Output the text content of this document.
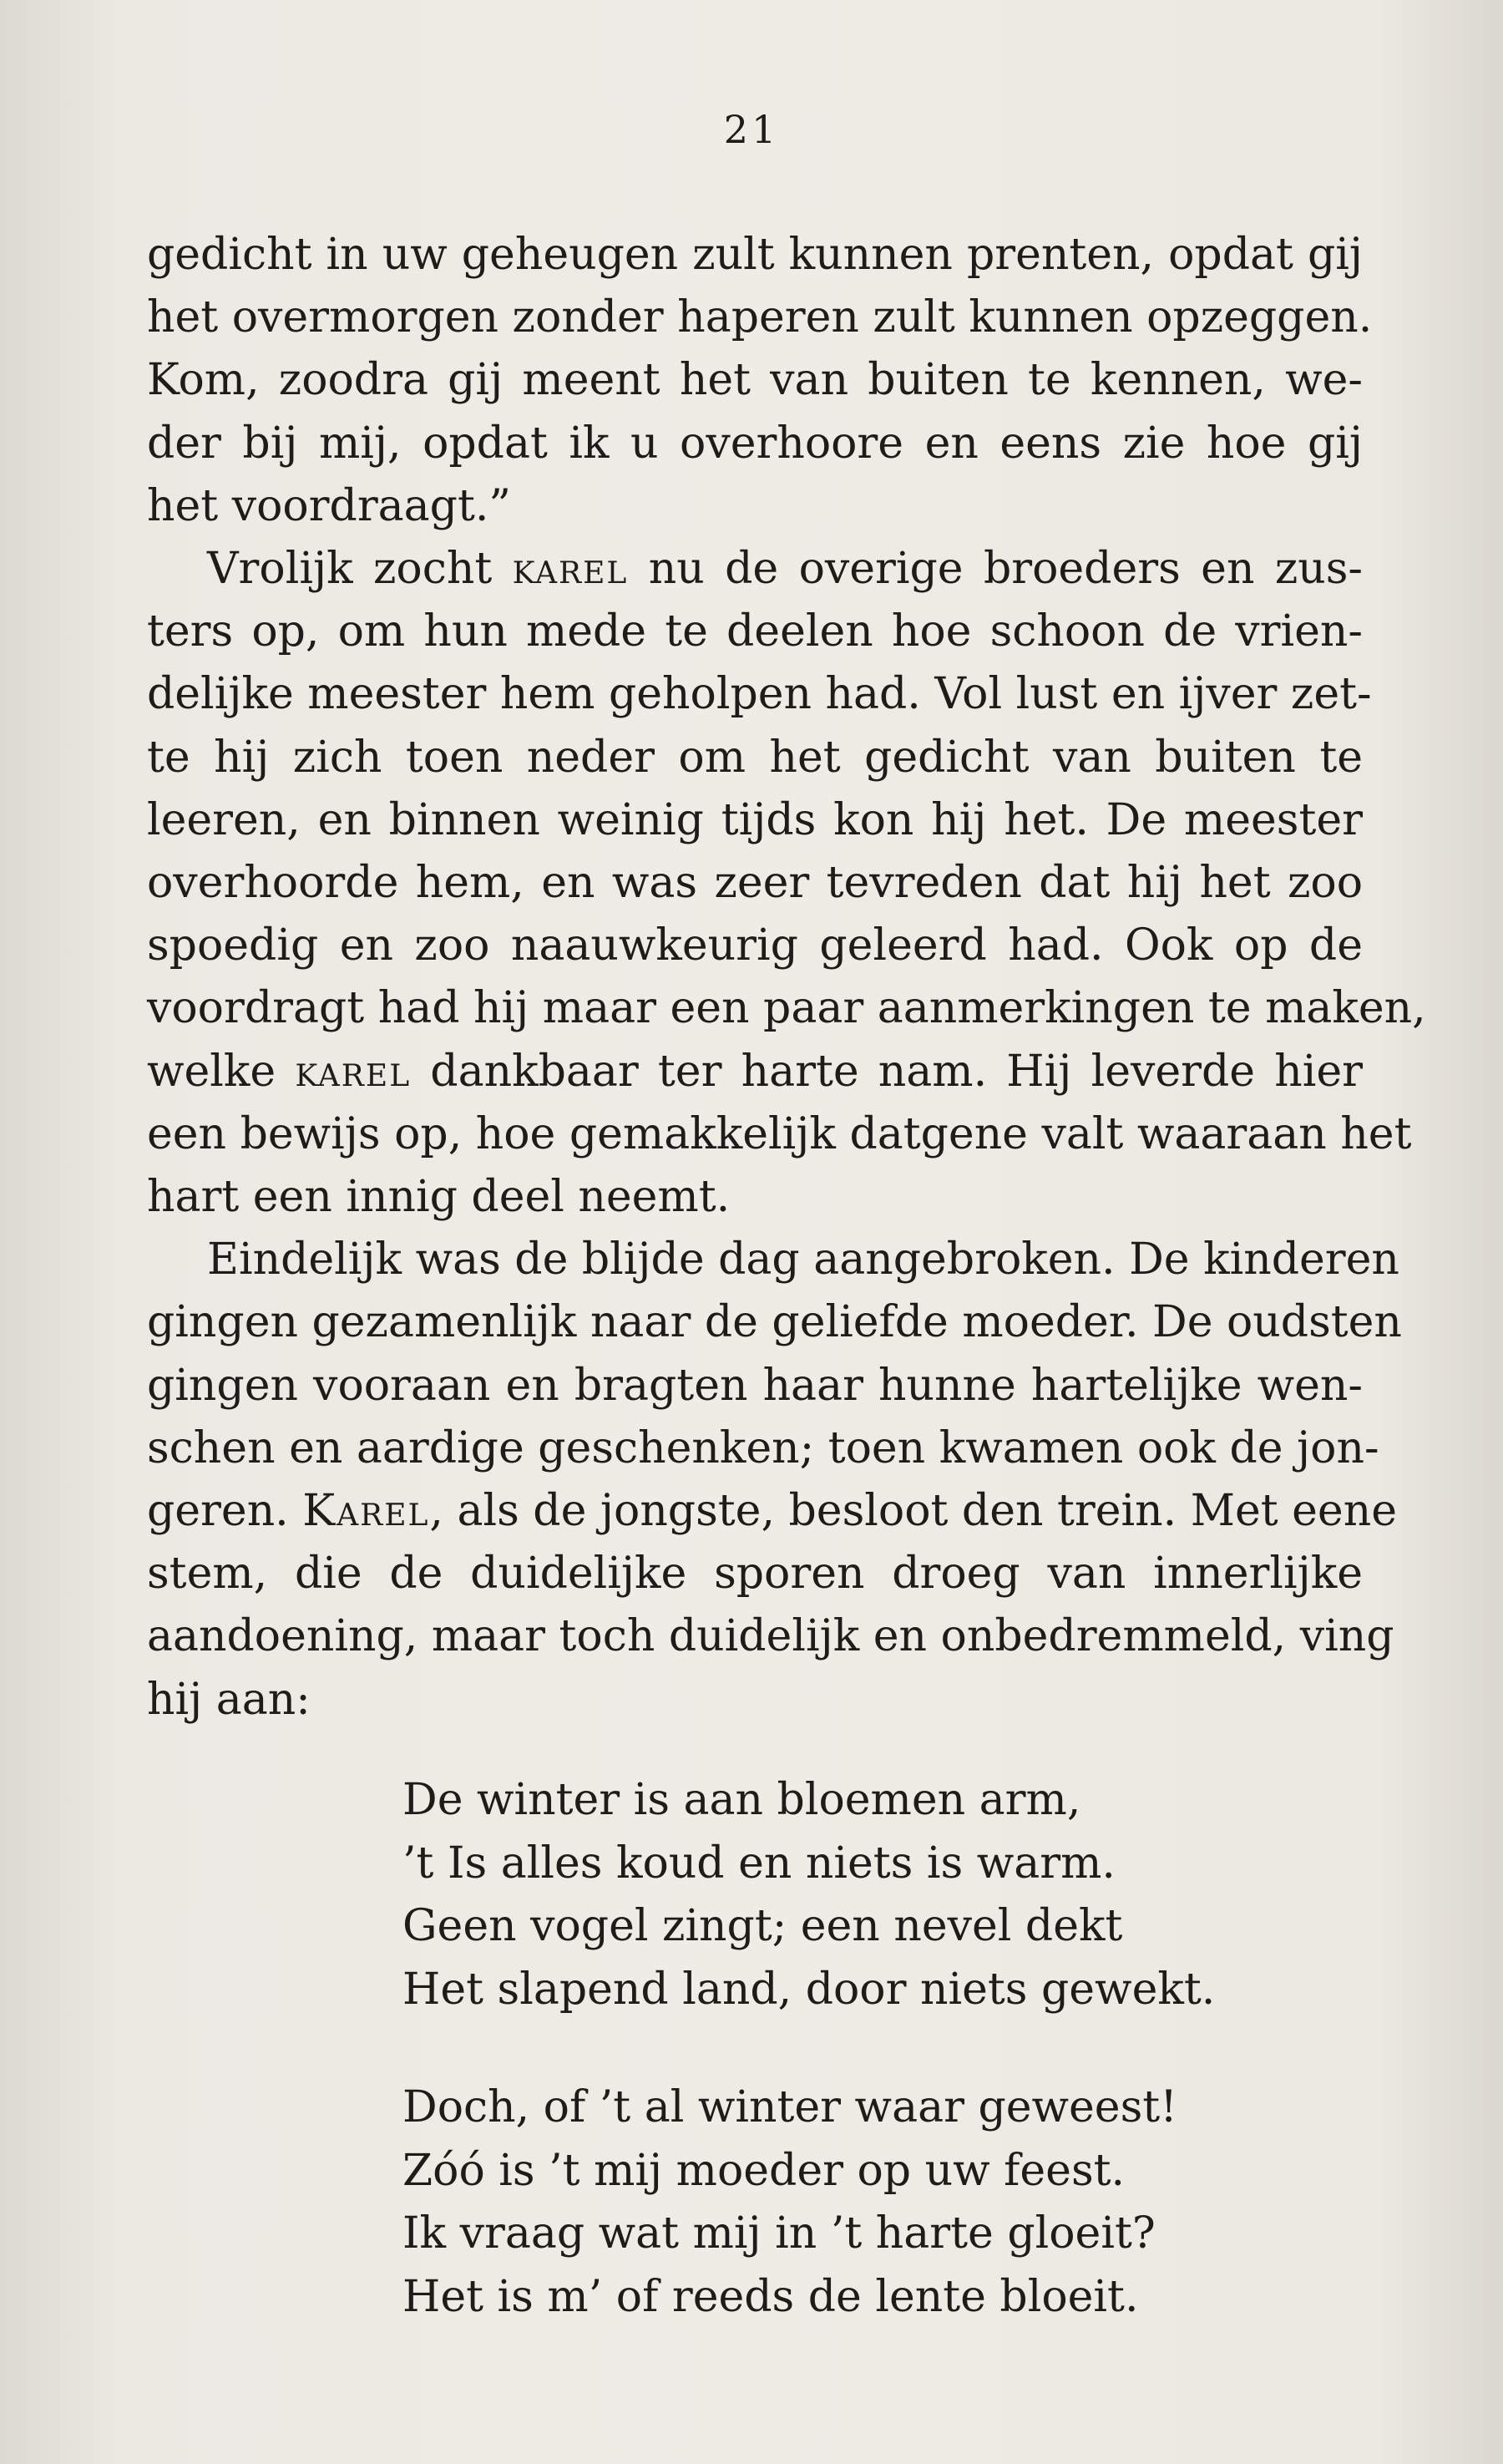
21
gedicht in uw geheugen zult kunnen prenten, opdat gij
het overmorgen zonder haperen zult kunnen opzeggen.
Kom, zoodra gij meent het van buiten te kennen, we-
der bij mij, opdat ik u overhoore en eens zie hoe gij
het voordraagt.”
Vrolijk zocht karel nu de overige broeders en zus-
ters op, om hun mede te deelen hoe schoon de vrien-
delijke meester hem geholpen had. Vol lust en ijver zet-
te hij zich toen neder om het gedicht van buiten te
leeren, en binnen weinig tijds kon hij het. De meester
overhoorde hem, en was zeer tevreden dat hij het zoo
spoedig en zoo naauwkeurig geleerd had. Ook op de
voordragt had hij maar een paar aanmerkingen te maken,
welke karel dankbaar ter harte nam. Hij leverde hier
een bewijs op, hoe gemakkelijk datgene valt waaraan het
hart een innig deel neemt.
Eindelijk was de blijde dag aangebroken. De kinderen
gingen gezamenlijk naar de geliefde moeder. De oudsten
gingen vooraan en bragten haar hunne hartelijke wen-
schen en aardige geschenken; toen kwamen ook de jon-
geren. Karel, als de jongste, besloot den trein. Met eene
stem, die de duidelijke sporen droeg van innerlijke
aandoening, maar toch duidelijk en onbedremmeld, ving
hij aan:
De winter is aan bloemen arm,
’t Is alles koud en niets is warm.
Geen vogel zingt; een nevel dekt
Het slapend land, door niets gewekt.
Doch, of ’t al winter waar geweest!
Zóó is ’t mij moeder op uw feest.
Ik vraag wat mij in ’t harte gloeit?
Het is m’ of reeds de lente bloeit.
